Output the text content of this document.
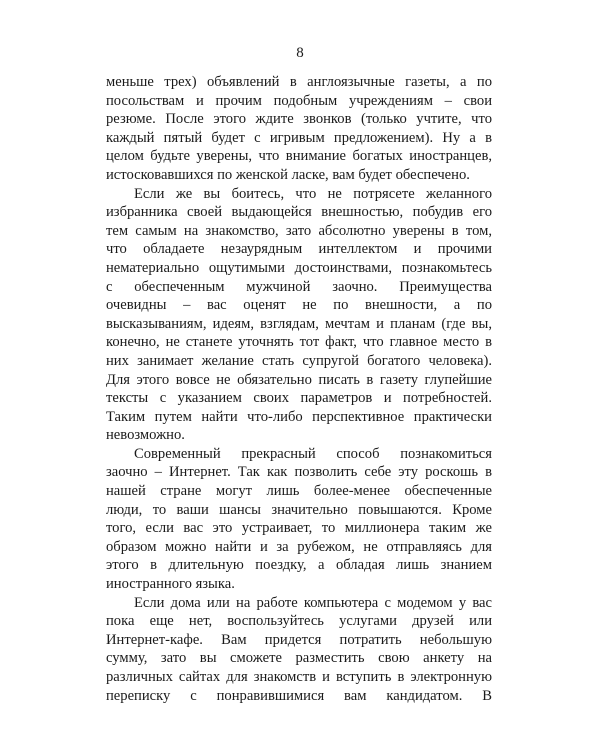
8

меньше трех) объявлений в англоязычные газеты, а по

посольствам и прочим подобным учреждениям – свои

резюме. После этого ждите звонков (только учтите, что

каждый пятый будет с игривым предложением). Ну а в

целом будьте уверены, что внимание богатых иностранцев,

истосковавшихся по женской ласке, вам будет обеспечено.

Если же вы боитесь, что не потрясете желанного

избранника своей выдающейся внешностью, побудив его

тем самым на знакомство, зато абсолютно уверены в том,

что обладаете незаурядным интеллектом и прочими

нематериально ощутимыми достоинствами, познакомьтесь

с обеспеченным мужчиной заочно. Преимущества

очевидны – вас оценят не по внешности, а по

высказываниям, идеям, взглядам, мечтам и планам (где вы,

конечно, не станете уточнять тот факт, что главное место в

них занимает желание стать супругой богатого человека).

Для этого вовсе не обязательно писать в газету глупейшие

тексты с указанием своих параметров и потребностей.

Таким путем найти что-либо перспективное практически

невозможно.

Современный прекрасный способ познакомиться

заочно – Интернет. Так как позволить себе эту роскошь в

нашей стране могут лишь более-менее обеспеченные

люди, то ваши шансы значительно повышаются. Кроме

того, если вас это устраивает, то миллионера таким же

образом можно найти и за рубежом, не отправляясь для

этого в длительную поездку, а обладая лишь знанием

иностранного языка.

Если дома или на работе компьютера с модемом у вас

пока еще нет, воспользуйтесь услугами друзей или

Интернет-кафе. Вам придется потратить небольшую

сумму, зато вы сможете разместить свою анкету на

различных сайтах для знакомств и вступить в электронную

переписку с понравившимися вам кандидатом. В
